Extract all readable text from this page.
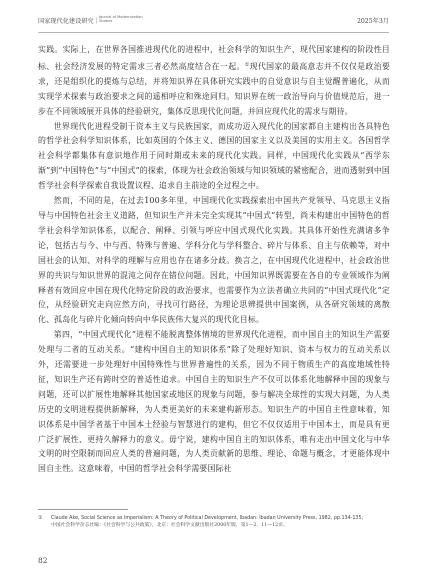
国家现代化建设研究｜
Journal of Modernization Studies	2025年3月

实践。实际上，在世界各国推进现代化的进程中，社会科学的知识生产、现代国家建构的阶段性目标、社会经济发展的特定需求三者必然高度结合在一起。①现代国家的最高意志并不仅仅是政治要求，还是组织化的提炼与总结，并将知识界在具体研究实践中的自觉意识与自主觉醒普遍化，从而实现学术探索与政治要求之间的遥相呼应和殊途同归。知识界在统一政治导向与价值规范后，进一步在不同领域展开具体的经验研究，集体反思现代化问题，并回应现代化的需求与期待。

世界现代化进程受制于资本主义与民族国家，而成功迈入现代化的国家都自主建构出各具特色的哲学社会科学知识体系，比如英国的个体主义、德国的国家主义以及美国的实用主义。各国哲学社会科学都集体有意识地作用于同时期或未来的现代化实践。同样，中国现代化实践从“西学东渐”到“中国特色”与“中国式”的探索，体现为社会政治领域与知识领域的紧密配合，进而透射到中国哲学社会科学探索自我设置议程、追求自主前途的全过程之中。

然而，不同的是，在过去100多年里，中国现代化实践探索出中国共产党领导、马克思主义指导与中国特色社会主义道路，但知识生产并未完全实现其“中国式”转型，尚未构建出中国特色的哲学社会科学知识体系，以配合、阐释、引领与呼应中国式现代化实践。其具体开始性充满诸多争论，包括古与今、中与西、特殊与普遍、学科分化与学科整合、碎片与体系、自主与依赖等，对中国社会的认知、对科学的理解与应用也存在诸多分歧。换言之，在中国现代化进程中，社会政治世界的共识与知识世界的混沌之间存在错位问题。因此，中国知识界既需要在各自的专业领域作为阐释者有效回应中国在现代化特定阶段的政治要求，也需要作为立法者确立共同的“中国式现代化”定位，从经验研究走向应然方向，寻找可行路径，为理论思辨提供中国案例，从各研究领域的离散化、孤岛化与碎片化倾向转向中华民族伟大复兴的现代化目标。

第四，“中国式现代化”进程不能脱离整体情境的世界现代化进程，而中国自主的知识生产需要处理与二者的互动关系。“建构中国自主的知识体系”除了处理好知识、资本与权力的互动关系以外，还需要进一步处理好中国特殊性与世界普遍性的关系，因为不同于物质生产的高度地域性特征，知识生产还有跨时空的普适性追求。中国自主的知识生产不仅可以体系化地解释中国的现象与问题，还可以扩展性地解释其他国家或地区的现象与问题，参与解决全球性的实现大问题，为人类历史的文明进程提供新解释，为人类更美好的未来建构新形态。知识生产的中国自主性意味着，知识体系是中国学者基于中国本土经验与智慧进行的建构，但它不仅仅适用于中国本土，而是具有更广泛扩展性、更持久解释力的意义。毋宁说，建构中国自主的知识体系，唯有走出中国文化与中华文明的时空限制而回应人类的普遍问题，为人类贡献新的思维、理论、命题与概念，才更能体现中国自主性。这意味着，中国的哲学社会科学需要国际社

① Claude Ake, Social Science as Imperialism: A Theory of Political Development, Ibadan: Ibadan University Press, 1982, pp.134-135；
中国社会科学杂志社编：《社会科学与公共政策》，北京：社会科学文献出版社2000年版，第1—2、11—12页。
82
